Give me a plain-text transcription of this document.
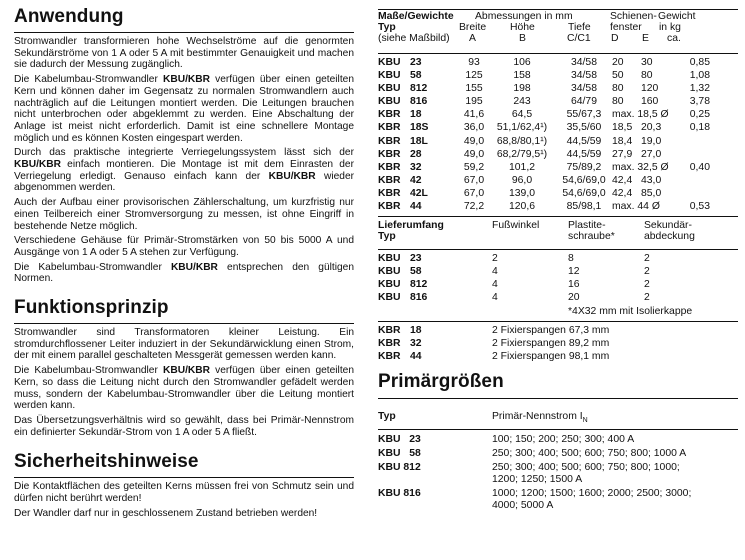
Anwendung
Stromwandler transformieren hohe Wechselströme auf die genormten Sekundärströme von 1 A oder 5 A mit bestimmter Genauigkeit und machen sie dadurch der Messung zugänglich.
Die Kabelumbau-Stromwandler KBU/KBR verfügen über einen geteilten Kern und können daher im Gegensatz zu normalen Stromwandlern auch nachträglich auf die Leitungen montiert werden. Die Leitungen brauchen nicht unterbrochen oder abgeklemmt zu werden. Eine Abschaltung der Anlage ist meist nicht erforderlich. Damit ist eine schnellere Montage möglich und es können Kosten eingespart werden.
Durch das praktische integrierte Verriegelungssystem lässt sich der KBU/KBR einfach montieren. Die Montage ist mit dem Einrasten der Verriegelung erledigt. Genauso einfach kann der KBU/KBR wieder abgenommen werden.
Auch der Aufbau einer provisorischen Zählerschaltung, um kurzfristig nur einen Teilbereich einer Stromversorgung zu messen, ist ohne Eingriff in bestehende Netze möglich.
Verschiedene Gehäuse für Primär-Stromstärken von 50 bis 5000 A und Ausgänge von 1 A oder 5 A stehen zur Verfügung.
Die Kabelumbau-Stromwandler KBU/KBR entsprechen den gültigen Normen.
Funktionsprinzip
Stromwandler sind Transformatoren kleiner Leistung. Ein stromdurchflossener Leiter induziert in der Sekundärwicklung einen Strom, der mit einem parallel geschalteten Messgerät gemessen werden kann.
Die Kabelumbau-Stromwandler KBU/KBR verfügen über einen geteilten Kern, so dass die Leitung nicht durch den Stromwandler gefädelt werden muss, sondern der Kabelumbau-Stromwandler über die Leitung montiert werden kann.
Das Übersetzungsverhältnis wird so gewählt, dass bei Primär-Nennstrom ein definierter Sekundär-Strom von 1 A oder 5 A fließt.
Sicherheitshinweise
Die Kontaktflächen des geteilten Kerns müssen frei von Schmutz sein und dürfen nicht berührt werden!
Der Wandler darf nur in geschlossenem Zustand betrieben werden!
Maße/Gewichte Abmessungen in mm	Schienen- Gewicht
Typ	Breite Höhe	Tiefe fenster in kg
(siehe Maßbild) A	B	C/C1 D E ca.
KBU 23	93	106	34/58	20 30	0,85
KBU 58	125	158	34/58	50 80	1,08
KBU 812	155	198	34/58	80 120	1,32
KBU 816	195	243	64/79	80 160	3,78
KBR 18	41,6	64,5	55/67,3	max. 18,5 Ø	0,25
KBR 18S	36,0 51,1/62,4¹)	35,5/60	18,5 20,3	0,18
KBR 18L	49,0 68,8/80,1¹)	44,5/59	18,4 19,0
KBR 28	49,0 68,2/79,5¹)	44,5/59	27,9 27,0
KBR 32	59,2	101,2	75/89,2	max. 32,5 Ø	0,40
KBR 42	67,0	96,0	54,6/69,0 42,4 43,0
KBR 42L	67,0	139,0	54,6/69,0 42,4 85,0
KBR 44	72,2	120,6	85/98,1	max. 44 Ø	0,53
Lieferumfang	Fußwinkel	Plastite-	Sekundär-
Typ	schraube*	abdeckung
KBU 23	2	8	2
KBU 58	4	12	2
KBU 812	4	16	2
KBU 816	4	20	2
*4X32 mm mit Isolierkappe
KBR 18	2 Fixierspangen 67,3 mm
KBR 32	2 Fixierspangen 89,2 mm
KBR 44	2 Fixierspangen 98,1 mm
Primärgrößen
Typ	Primär-Nennstrom $I_N$
KBU 23	100; 150; 200; 250; 300; 400 A
KBU 58	250; 300; 400; 500; 600; 750; 800; 1000 A
KBU 812	250; 300; 400; 500; 600; 750; 800; 1000;
1200; 1250; 1500 A
KBU 816	1000; 1200; 1500; 1600; 2000; 2500; 3000;
4000; 5000 A
